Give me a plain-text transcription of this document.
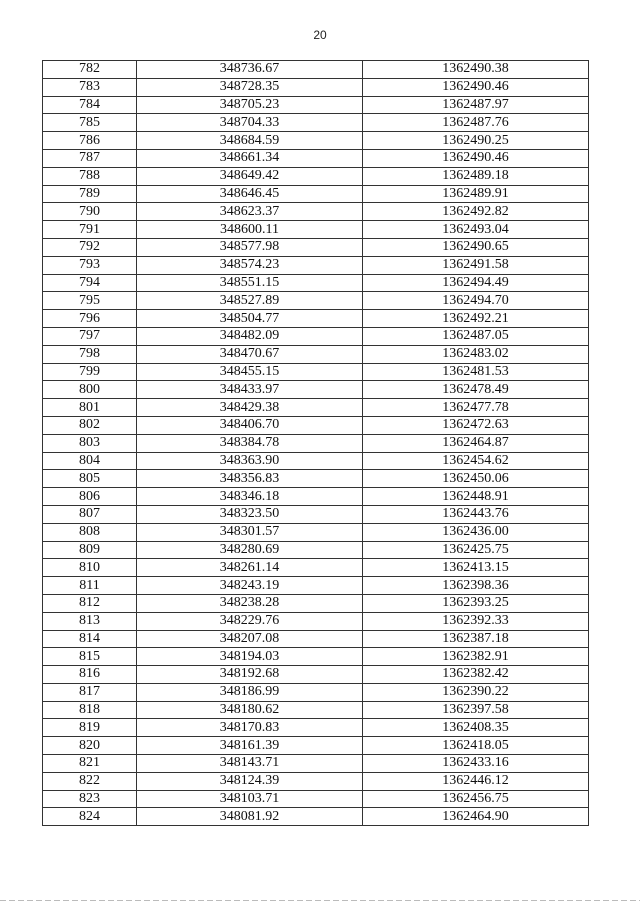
20
782	348736.67	1362490.38
783	348728.35	1362490.46
784	348705.23	1362487.97
785	348704.33	1362487.76
786	348684.59	1362490.25
787	348661.34	1362490.46
788	348649.42	1362489.18
789	348646.45	1362489.91
790	348623.37	1362492.82
791	348600.11	1362493.04
792	348577.98	1362490.65
793	348574.23	1362491.58
794	348551.15	1362494.49
795	348527.89	1362494.70
796	348504.77	1362492.21
797	348482.09	1362487.05
798	348470.67	1362483.02
799	348455.15	1362481.53
800	348433.97	1362478.49
801	348429.38	1362477.78
802	348406.70	1362472.63
803	348384.78	1362464.87
804	348363.90	1362454.62
805	348356.83	1362450.06
806	348346.18	1362448.91
807	348323.50	1362443.76
808	348301.57	1362436.00
809	348280.69	1362425.75
810	348261.14	1362413.15
811	348243.19	1362398.36
812	348238.28	1362393.25
813	348229.76	1362392.33
814	348207.08	1362387.18
815	348194.03	1362382.91
816	348192.68	1362382.42
817	348186.99	1362390.22
818	348180.62	1362397.58
819	348170.83	1362408.35
820	348161.39	1362418.05
821	348143.71	1362433.16
822	348124.39	1362446.12
823	348103.71	1362456.75
824	348081.92	1362464.90
